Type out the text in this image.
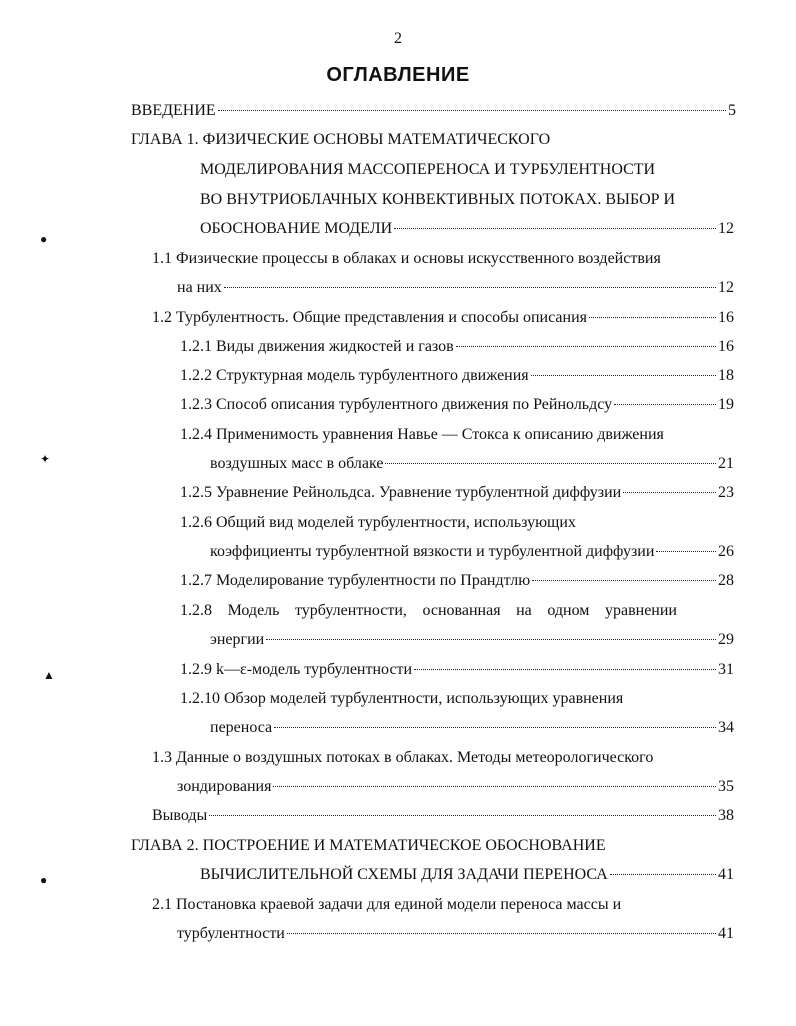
2
ОГЛАВЛЕНИЕ
ВВЕДЕНИЕ	5
ГЛАВА 1. ФИЗИЧЕСКИЕ ОСНОВЫ МАТЕМАТИЧЕСКОГО
МОДЕЛИРОВАНИЯ МАССОПЕРЕНОСА И ТУРБУЛЕНТНОСТИ
ВО ВНУТРИОБЛАЧНЫХ КОНВЕКТИВНЫХ ПОТОКАХ. ВЫБОР И
ОБОСНОВАНИЕ МОДЕЛИ	12
1.1 Физические процессы в облаках и основы искусственного воздействия
на них	12
1.2 Турбулентность. Общие представления и способы описания	16
1.2.1 Виды движения жидкостей и газов	16
1.2.2 Структурная модель турбулентного движения	18
1.2.3 Способ описания турбулентного движения по Рейнольдсу	19
1.2.4 Применимость уравнения Навье — Стокса к описанию движения
воздушных масс в облаке	21
1.2.5 Уравнение Рейнольдса. Уравнение турбулентной диффузии	23
1.2.6 Общий вид моделей турбулентности, использующих
коэффициенты турбулентной вязкости и турбулентной диффузии	26
1.2.7 Моделирование турбулентности по Прандтлю	28
1.2.8 Модель турбулентности, основанная на одном уравнении
энергии	29
1.2.9 k—ε-модель турбулентности	31
1.2.10 Обзор моделей турбулентности, использующих уравнения
переноса	34
1.3 Данные о воздушных потоках в облаках. Методы метеорологического
зондирования	35
Выводы	38
ГЛАВА 2. ПОСТРОЕНИЕ И МАТЕМАТИЧЕСКОЕ ОБОСНОВАНИЕ
ВЫЧИСЛИТЕЛЬНОЙ СХЕМЫ ДЛЯ ЗАДАЧИ ПЕРЕНОСА	41
2.1 Постановка краевой задачи для единой модели переноса массы и
турбулентности	41
●
✦
▲
●
